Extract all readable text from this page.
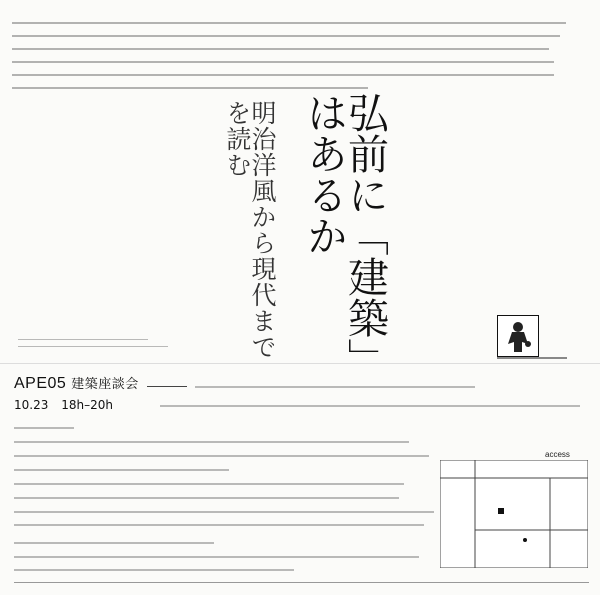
弘前に「建築」はあるか
明治洋風から現代までを読む
APE05 建築座談会
10.23 18h–20h
access
